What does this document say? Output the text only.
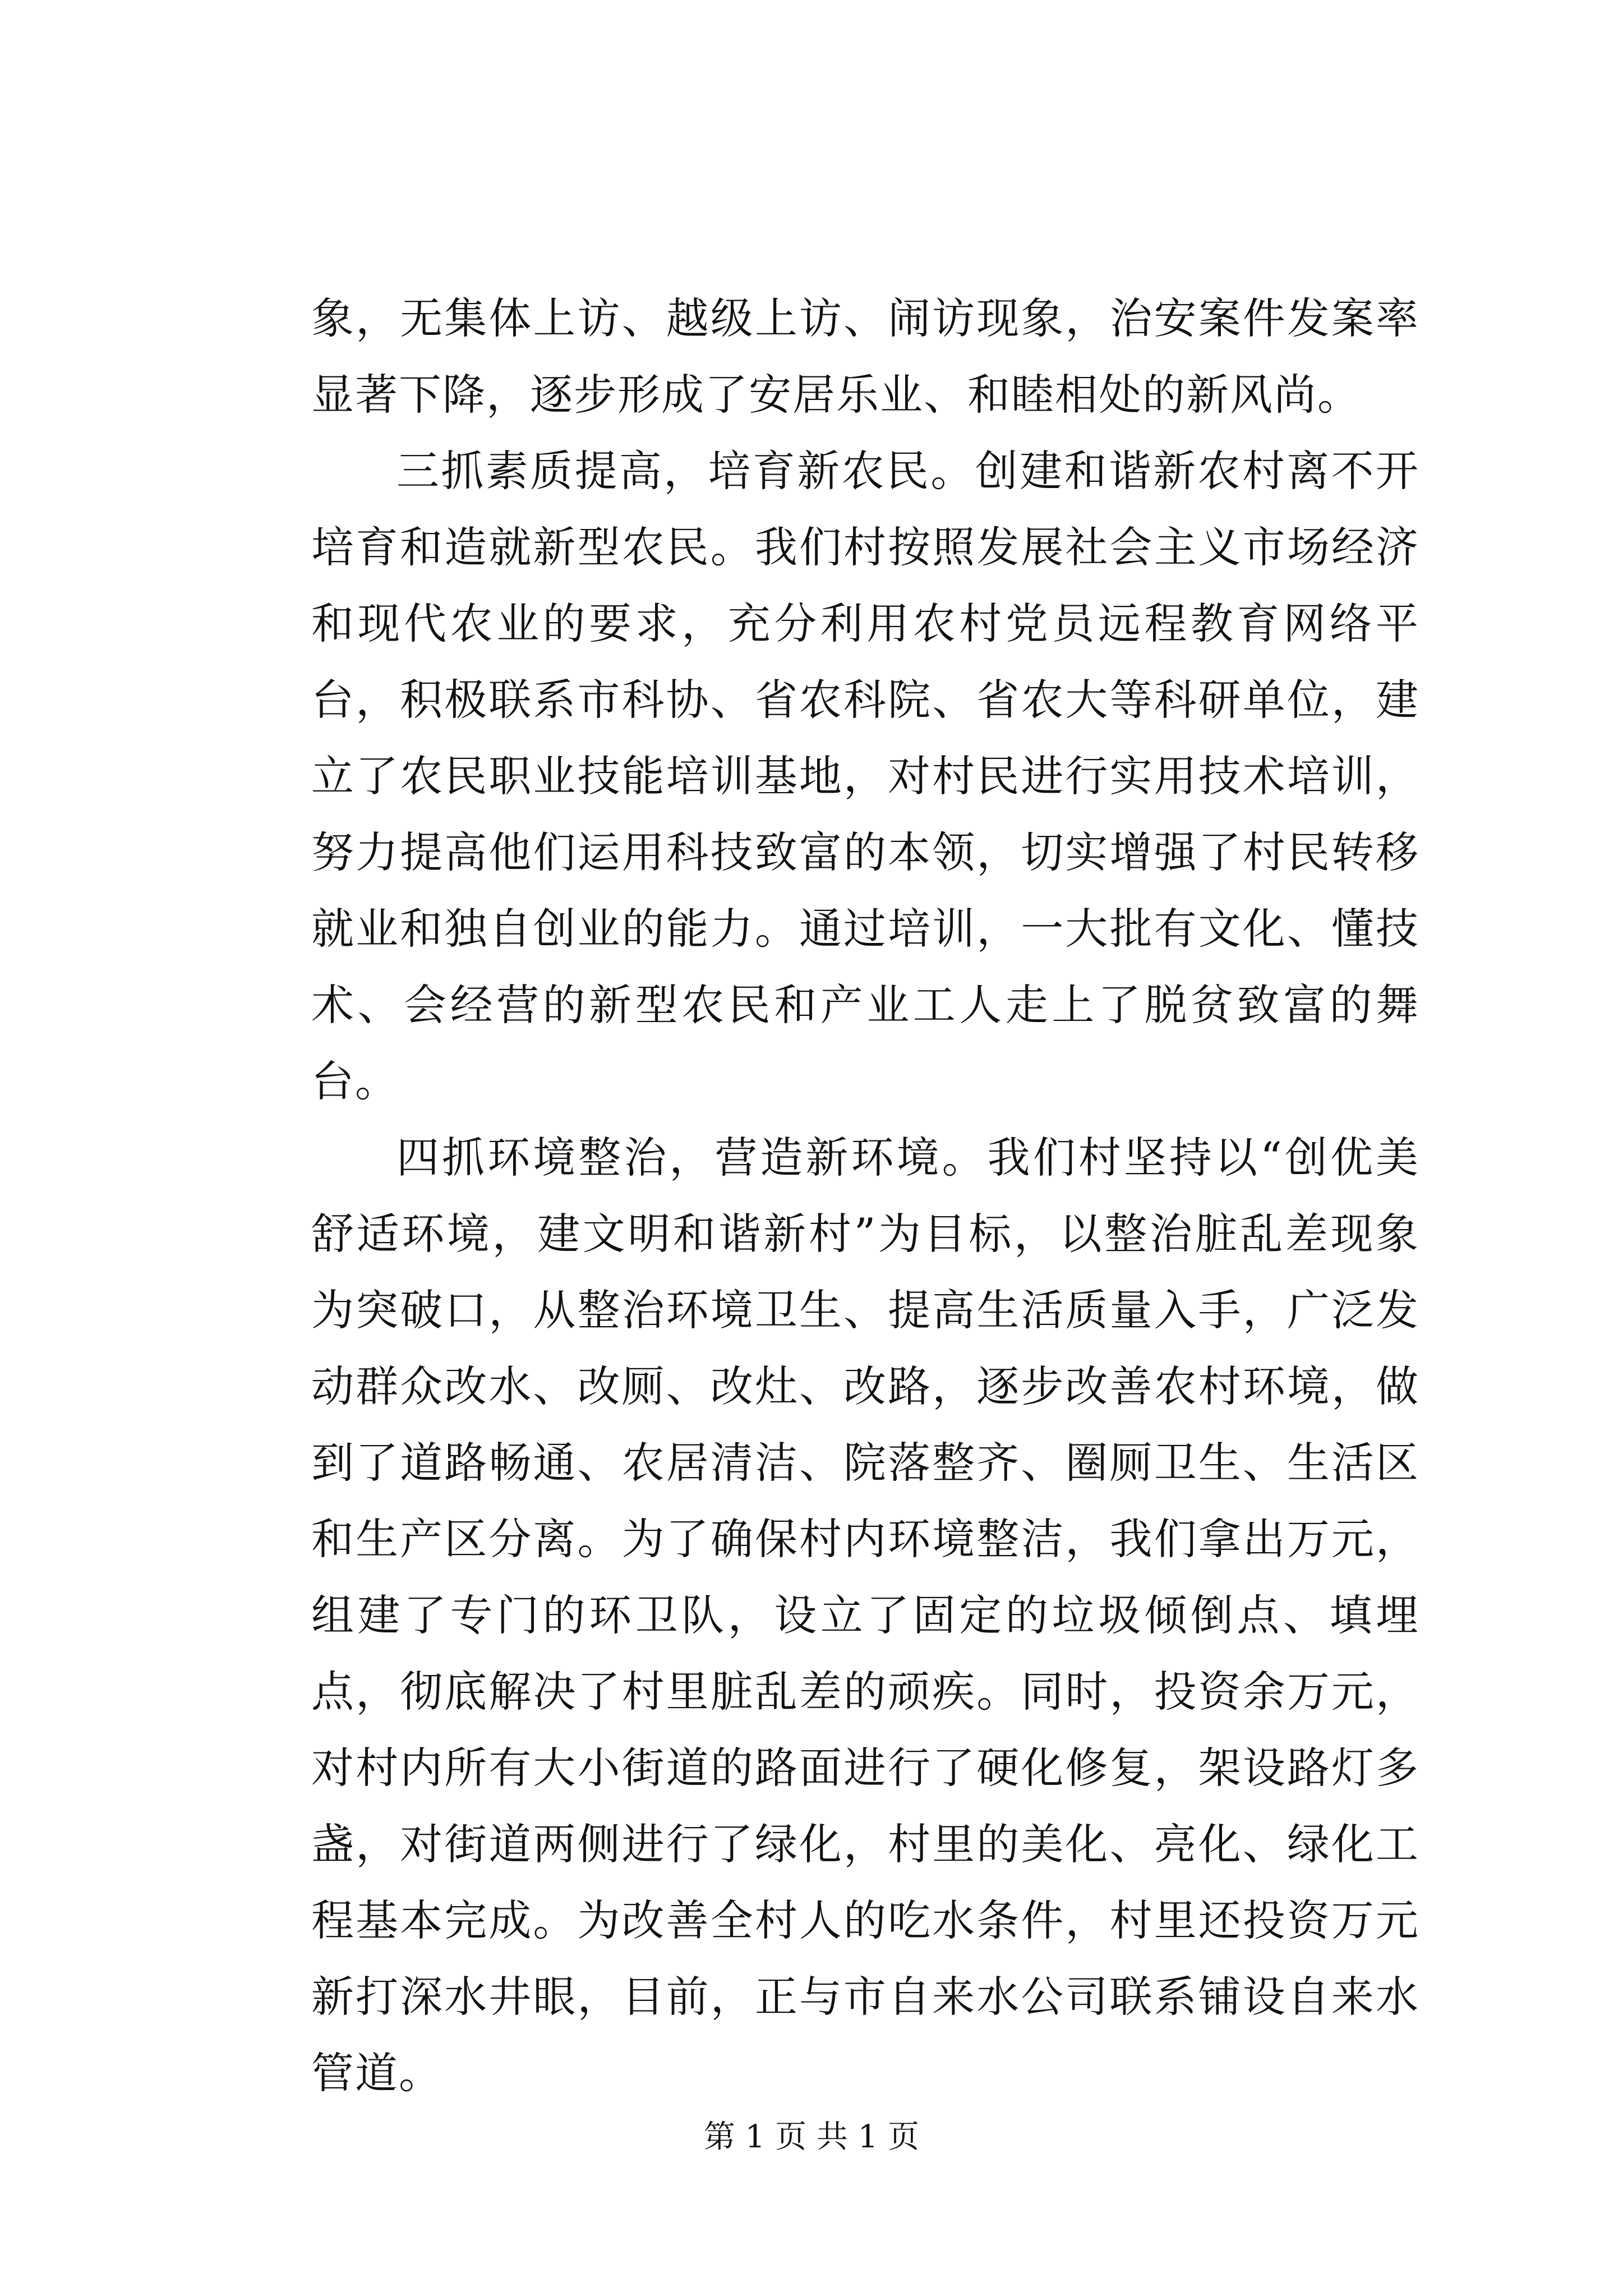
象，无集体上访、越级上访、闹访现象，治安案件发案率显著下降，逐步形成了安居乐业、和睦相处的新风尚。

三抓素质提高，培育新农民。创建和谐新农村离不开培育和造就新型农民。我们村按照发展社会主义市场经济和现代农业的要求，充分利用农村党员远程教育网络平台，积极联系市科协、省农科院、省农大等科研单位，建立了农民职业技能培训基地，对村民进行实用技术培训，努力提高他们运用科技致富的本领，切实增强了村民转移就业和独自创业的能力。通过培训，一大批有文化、懂技术、会经营的新型农民和产业工人走上了脱贫致富的舞台。

四抓环境整治，营造新环境。我们村坚持以“创优美舒适环境，建文明和谐新村”为目标，以整治脏乱差现象为突破口，从整治环境卫生、提高生活质量入手，广泛发动群众改水、改厕、改灶、改路，逐步改善农村环境，做到了道路畅通、农居清洁、院落整齐、圈厕卫生、生活区和生产区分离。为了确保村内环境整洁，我们拿出万元，组建了专门的环卫队，设立了固定的垃圾倾倒点、填埋点，彻底解决了村里脏乱差的顽疾。同时，投资余万元，对村内所有大小街道的路面进行了硬化修复，架设路灯多盏，对街道两侧进行了绿化，村里的美化、亮化、绿化工程基本完成。为改善全村人的吃水条件，村里还投资万元新打深水井眼，目前，正与市自来水公司联系铺设自来水管道。

第 1 页 共 1 页
